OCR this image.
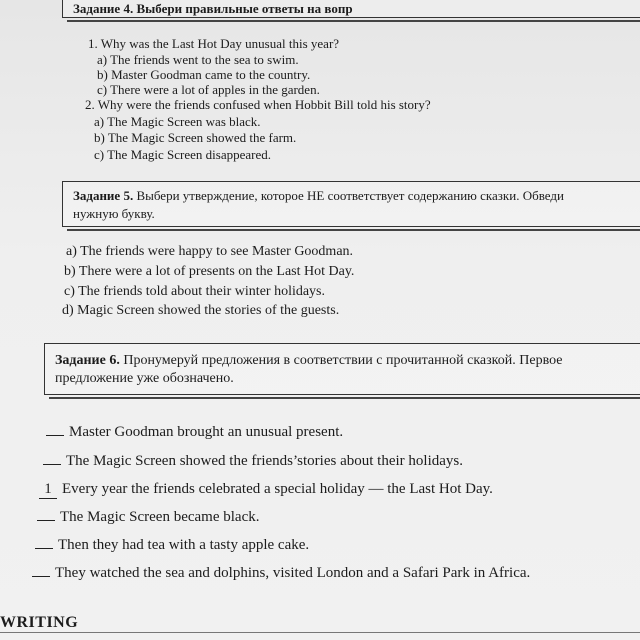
Задание 4. Выбери правильные ответы на вопр
1. Why was the Last Hot Day unusual this year?
a) The friends went to the sea to swim.
b) Master Goodman came to the country.
c) There were a lot of apples in the garden.
2. Why were the friends confused when Hobbit Bill told his story?
a) The Magic Screen was black.
b) The Magic Screen showed the farm.
c) The Magic Screen disappeared.
Задание 5. Выбери утверждение, которое НЕ соответствует содержанию сказки. Обведи
нужную букву.
a) The friends were happy to see Master Goodman.
b) There were a lot of presents on the Last Hot Day.
c) The friends told about their winter holidays.
d) Magic Screen showed the stories of the guests.
Задание 6. Пронумеруй предложения в соответствии с прочитанной сказкой. Первое
предложение уже обозначено.
Master Goodman brought an unusual present.
The Magic Screen showed the friends’stories about their holidays.
1 Every year the friends celebrated a special holiday — the Last Hot Day.
The Magic Screen became black.
Then they had tea with a tasty apple cake.
They watched the sea and dolphins, visited London and a Safari Park in Africa.
WRITING
